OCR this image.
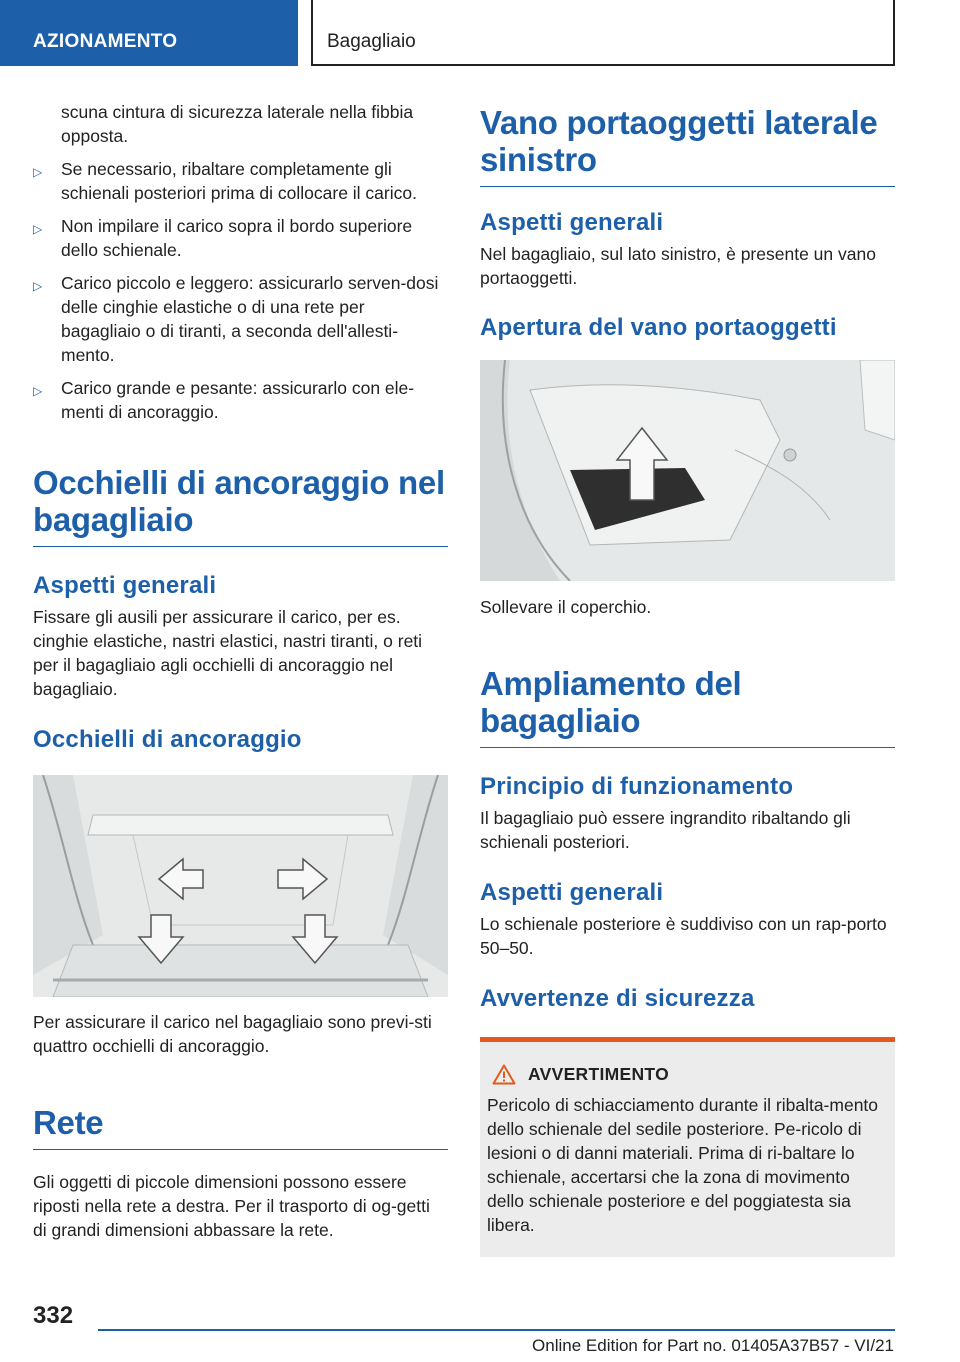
AZIONAMENTO	Bagagliaio
scuna cintura di sicurezza laterale nella fibbia opposta.
▷ Se necessario, ribaltare completamente gli schienali posteriori prima di collocare il carico.
▷ Non impilare il carico sopra il bordo superiore dello schienale.
▷ Carico piccolo e leggero: assicurarlo serven-dosi delle cinghie elastiche o di una rete per bagagliaio o di tiranti, a seconda dell'allesti-mento.
▷ Carico grande e pesante: assicurarlo con ele-menti di ancoraggio.
Occhielli di ancoraggio nel bagagliaio
Aspetti generali
Fissare gli ausili per assicurare il carico, per es. cinghie elastiche, nastri elastici, nastri tiranti, o reti per il bagagliaio agli occhielli di ancoraggio nel bagagliaio.
Occhielli di ancoraggio
Per assicurare il carico nel bagagliaio sono previ-sti quattro occhielli di ancoraggio.
Rete
Gli oggetti di piccole dimensioni possono essere riposti nella rete a destra. Per il trasporto di og-getti di grandi dimensioni abbassare la rete.
Vano portaoggetti laterale sinistro
Aspetti generali
Nel bagagliaio, sul lato sinistro, è presente un vano portaoggetti.
Apertura del vano portaoggetti
Sollevare il coperchio.
Ampliamento del bagagliaio
Principio di funzionamento
Il bagagliaio può essere ingrandito ribaltando gli schienali posteriori.
Aspetti generali
Lo schienale posteriore è suddiviso con un rap-porto 50–50.
Avvertenze di sicurezza
AVVERTIMENTO
Pericolo di schiacciamento durante il ribalta-mento dello schienale del sedile posteriore. Pe-ricolo di lesioni o di danni materiali. Prima di ri-baltare lo schienale, accertarsi che la zona di movimento dello schienale posteriore e del poggiatesta sia libera.
332
Online Edition for Part no. 01405A37B57 - VI/21
